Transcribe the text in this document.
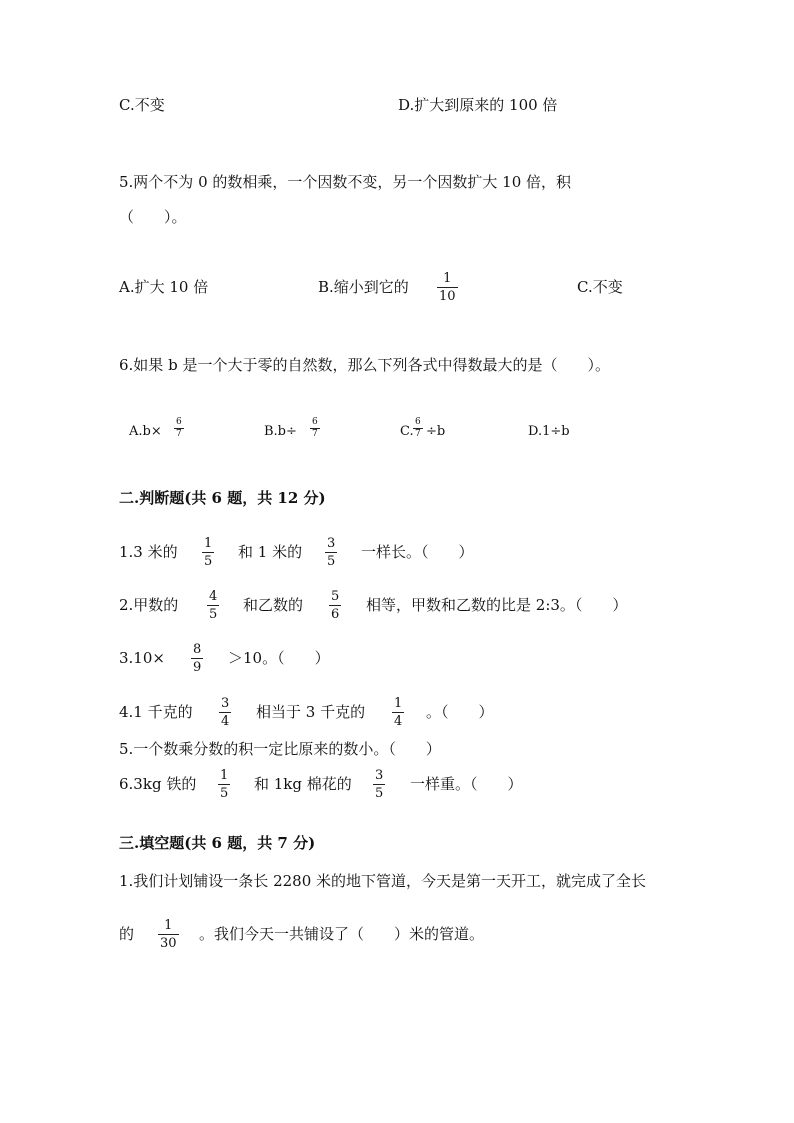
C.不变	D.扩大到原来的 100 倍
5.两个不为 0 的数相乘，一个因数不变，另一个因数扩大 10 倍，积
（　　）。
A.扩大 10 倍	B.缩小到它的	1
10
C.不变
6.如果 b 是一个大于零的自然数，那么下列各式中得数最大的是（　　）。
A.b×
6
7	B.b÷
6
7	C.
6
7 ÷b	D.1÷b
二.判断题(共 6 题，共 12 分)
1.3 米的 1
5
和 1 米的 3
5
一样长。（　　）
2.甲数的 4
5
和乙数的 5
6
相等，甲数和乙数的比是 2:3。（　　）
3.10× 8
9
＞10。（　　）
4.1 千克的 3
4
相当于 3 千克的 1
4
。（　　）
5.一个数乘分数的积一定比原来的数小。（　　）
6.3kg 铁的 1
5
和 1kg 棉花的 3
5
一样重。（　　）
三.填空题(共 6 题，共 7 分)
1.我们计划铺设一条长 2280 米的地下管道，今天是第一天开工，就完成了全长
的 1
30
。我们今天一共铺设了（　　）米的管道。
